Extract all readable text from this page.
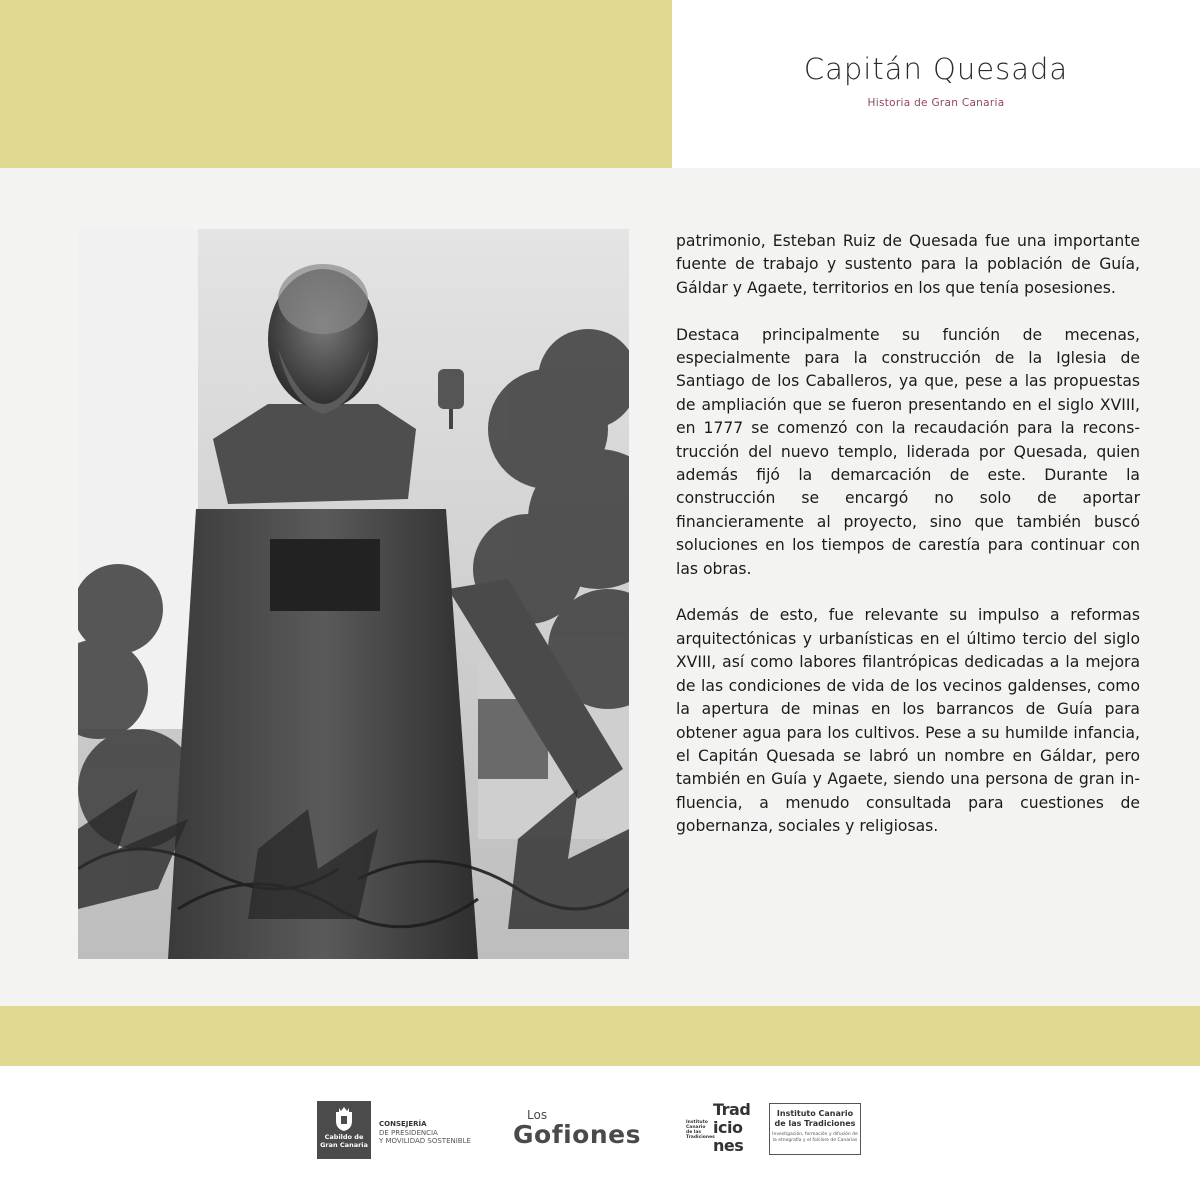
Capitán Quesada
Historia de Gran Canaria

patrimonio, Esteban Ruiz de Quesada fue una importante fuente de trabajo y sustento para la población de Guía, Gáldar y Agaete, territorios en los que tenía posesiones.

Destaca principalmente su función de mecenas, especialmente para la construcción de la Iglesia de Santiago de los Caballeros, ya que, pese a las propuestas de ampliación que se fueron presentando en el siglo XVIII, en 1777 se comenzó con la recaudación para la reconstrucción del nuevo templo, liderada por Quesada, quien además fijó la demarcación de este. Durante la construcción se encargó no solo de aportar financieramente al proyecto, sino que también buscó soluciones en los tiempos de carestía para continuar con las obras.

Además de esto, fue relevante su impulso a reformas arquitectónicas y urbanísticas en el último tercio del siglo XVIII, así como labores filantrópicas dedicadas a la mejora de las condiciones de vida de los vecinos galdenses, como la apertura de minas en los barrancos de Guía para obtener agua para los cultivos. Pese a su humilde infancia, el Capitán Quesada se labró un nombre en Gáldar, pero también en Guía y Agaete, siendo una persona de gran influencia, a menudo consultada para cuestiones de gobernanza, sociales y religiosas.

Cabildo de
Gran Canaria
CONSEJERÍA
DE PRESIDENCIA
Y MOVILIDAD SOSTENIBLE
Los
Gofiones	Instituto Canario de las Tradiciones
Trad
icio
nes
Instituto Canario de las Tradiciones
Investigación, formación y difusión de la etnografía y el folclore de Canarias
